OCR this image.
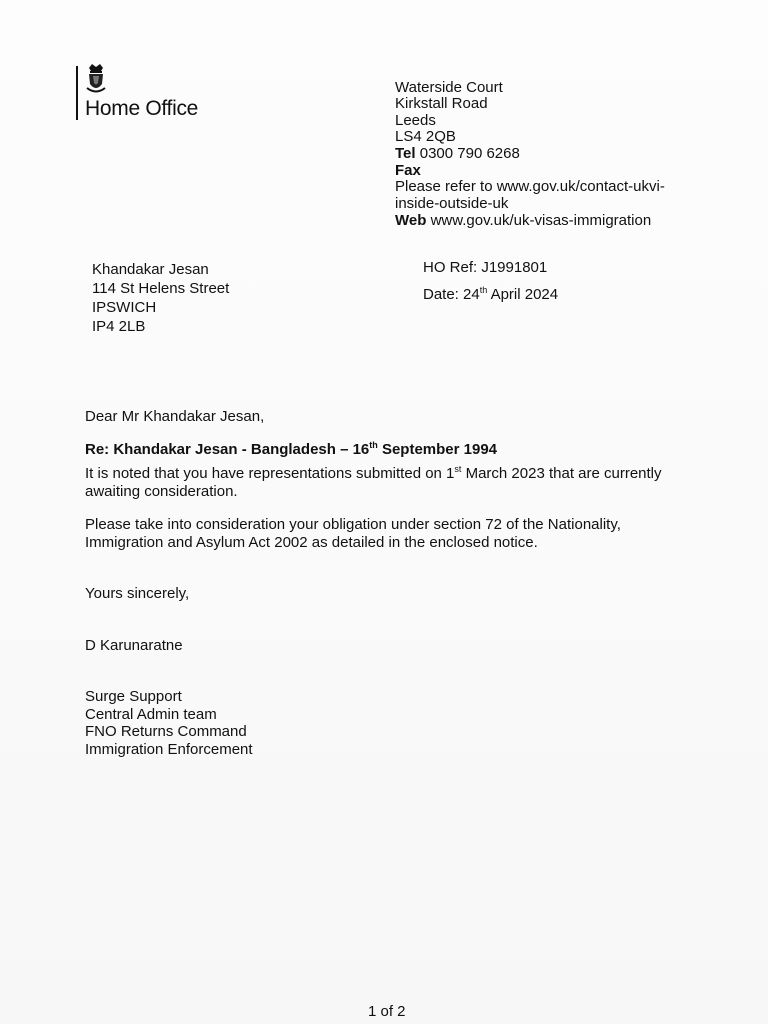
Home Office
Waterside Court
Kirkstall Road
Leeds
LS4 2QB
Tel 0300 790 6268
Fax
Please refer to www.gov.uk/contact-ukvi-
inside-outside-uk
Web www.gov.uk/uk-visas-immigration
Khandakar Jesan
114 St Helens Street
IPSWICH
IP4 2LB
HO Ref: J1991801
Date: 24th April 2024
Dear Mr Khandakar Jesan,
Re: Khandakar Jesan - Bangladesh – 16th September 1994
It is noted that you have representations submitted on 1st March 2023 that are currently
awaiting consideration.
Please take into consideration your obligation under section 72 of the Nationality,
Immigration and Asylum Act 2002 as detailed in the enclosed notice.
Yours sincerely,
D Karunaratne
Surge Support
Central Admin team
FNO Returns Command
Immigration Enforcement
1 of 2
